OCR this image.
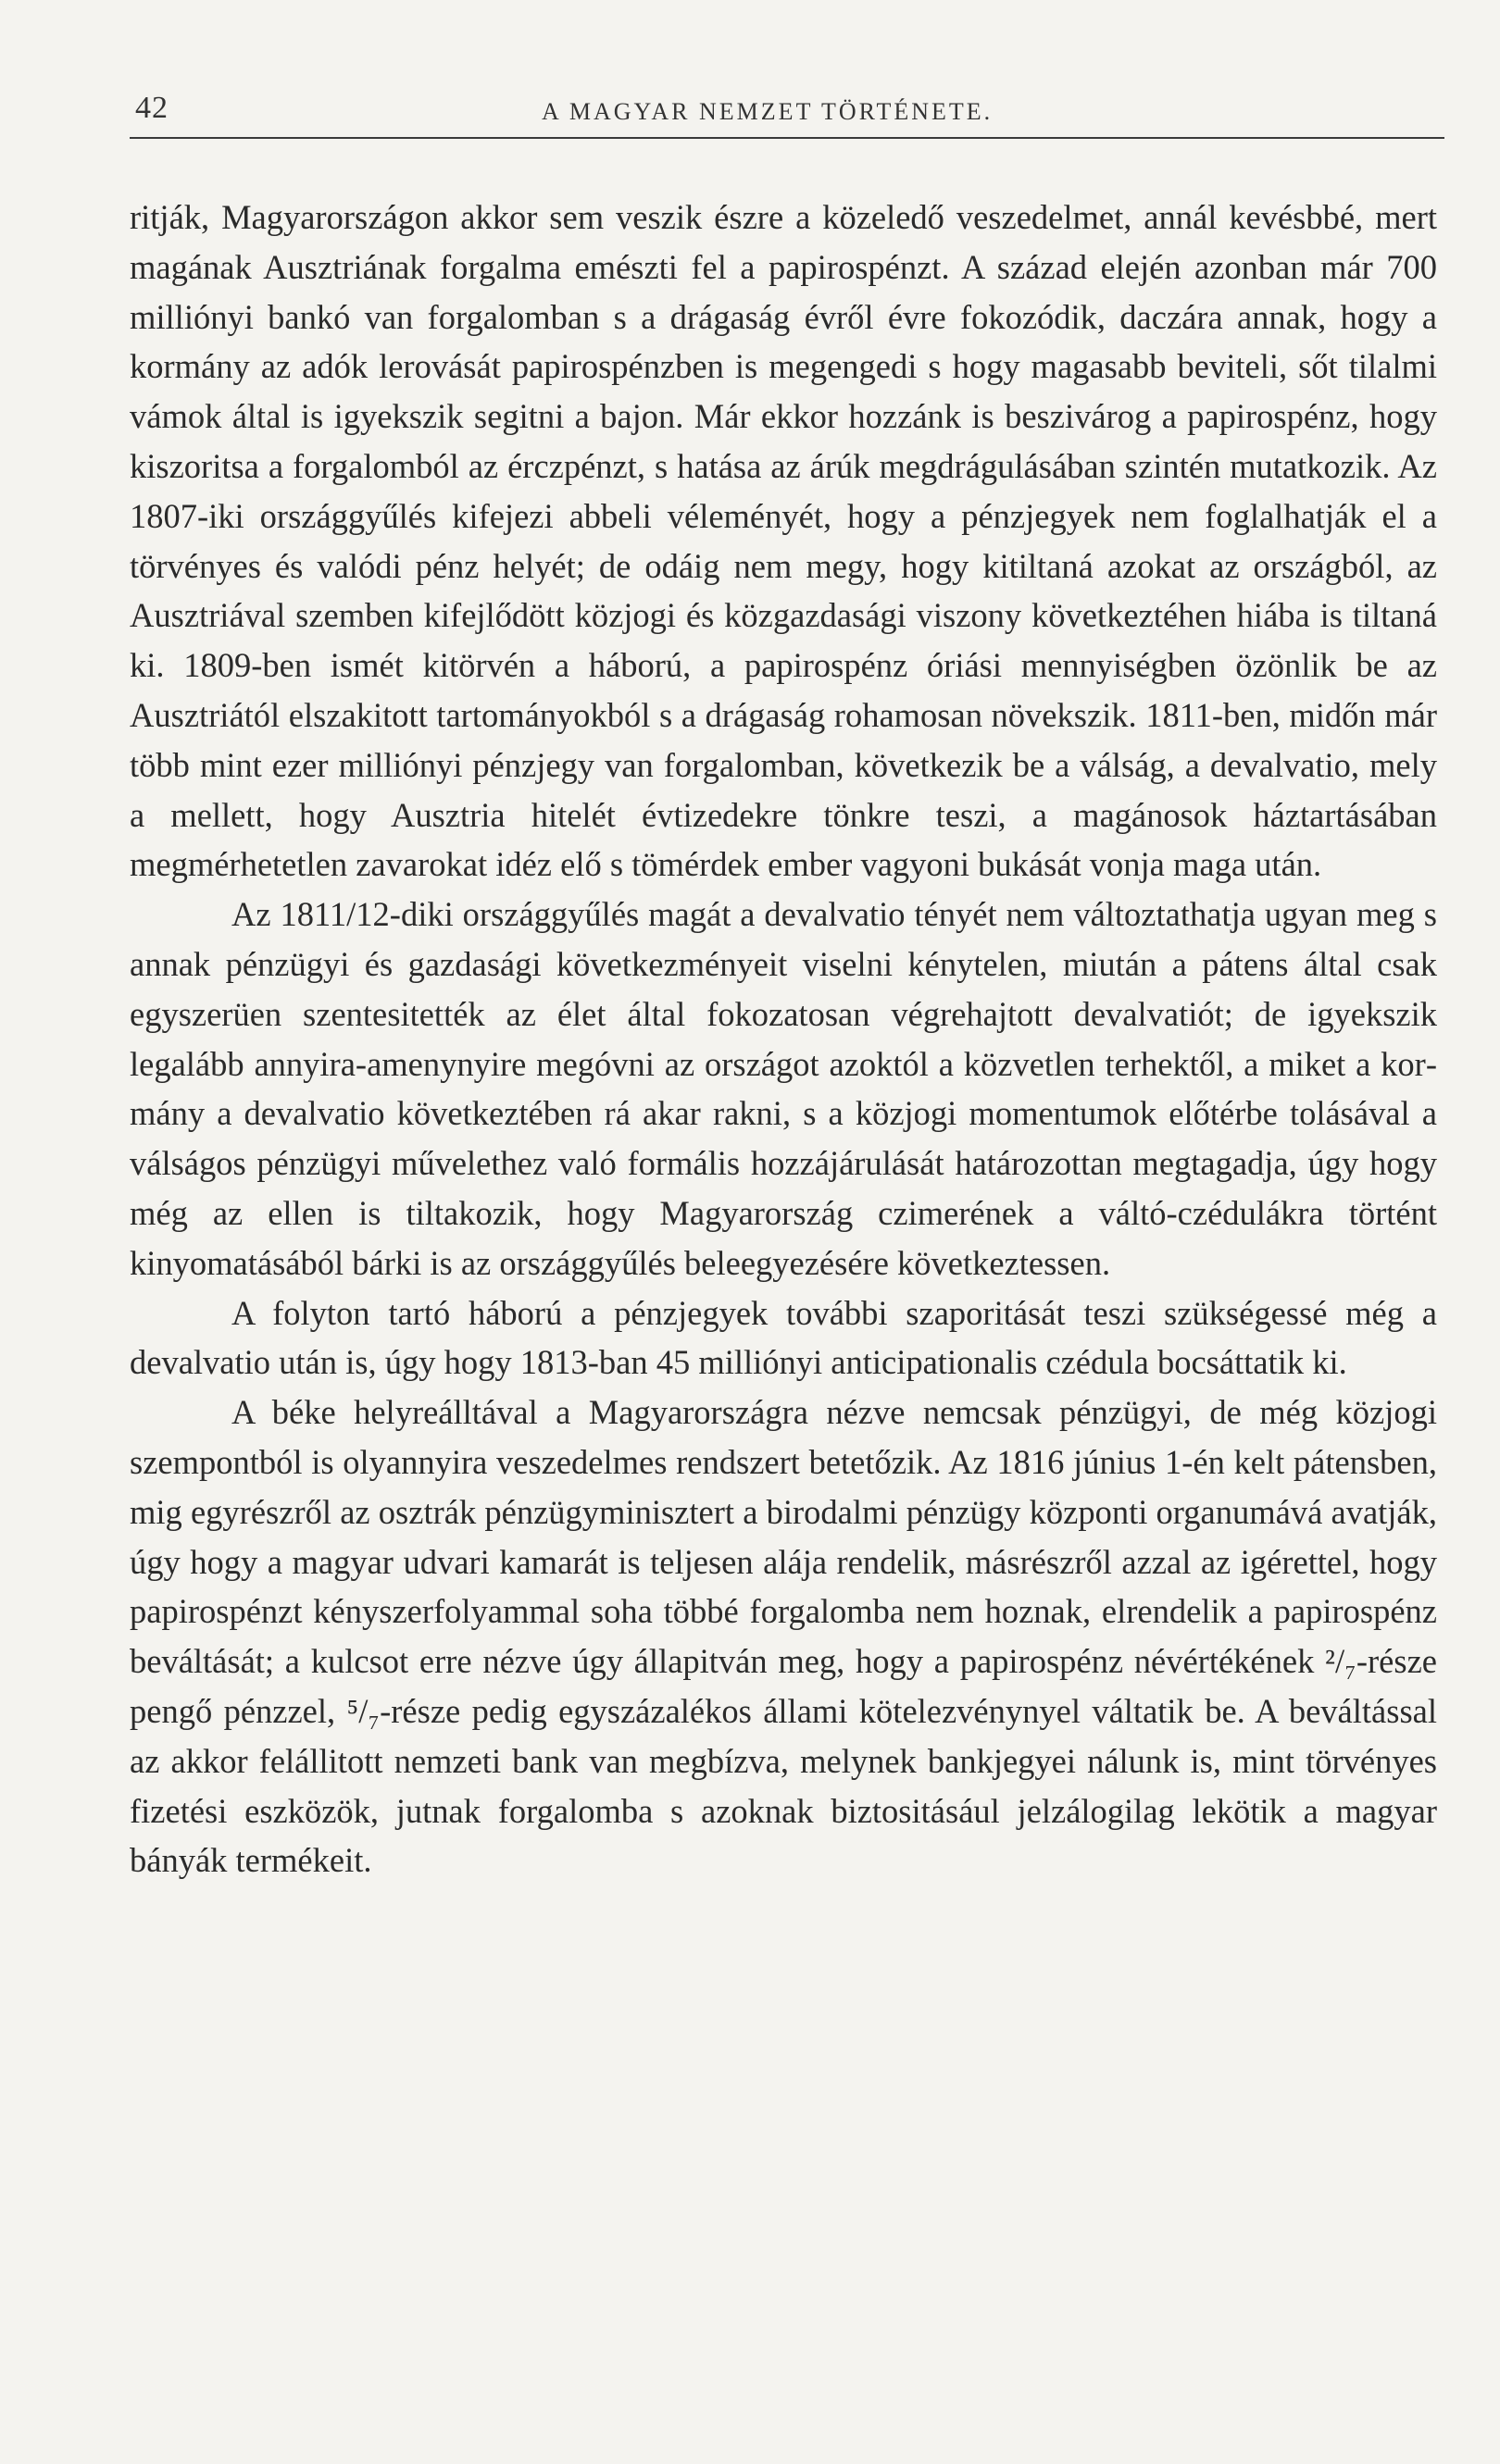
42	A MAGYAR NEMZET TÖRTÉNETE.

ritják, Magyarországon akkor sem veszik észre a közeledő veszedelmet, annál kevésbbé, mert magának Ausztriának forgalma emészti fel a papirospénzt. A század elején azonban már 700 milliónyi bankó van forgalomban s a drágaság évről évre fokozódik, daczára annak, hogy a kormány az adók lerovását papirospénzben is megengedi s hogy magasabb beviteli, sőt tilalmi vámok által is igyekszik segitni a bajon. Már ekkor hozzánk is beszivárog a papirospénz, hogy kiszoritsa a forgalomból az érczpénzt, s hatása az árúk megdrágulásában szintén mutatkozik. Az 1807-iki országgyűlés kifejezi abbeli véleményét, hogy a pénzjegyek nem foglalhatják el a törvényes és valódi pénz helyét; de odáig nem megy, hogy kitiltaná azokat az országból, az Ausztriával szemben kifejlődött közjogi és közgazdasági viszony következtéhen hiába is tiltaná ki. 1809-ben ismét kitörvén a háború, a papirospénz óriási mennyiségben özönlik be az Ausztriától elszakitott tartományokból s a drágaság rohamosan növekszik. 1811-ben, midőn már több mint ezer milliónyi pénzjegy van forgalomban, következik be a válság, a devalvatio, mely a mellett, hogy Ausztria hitelét évtizedekre tönkre teszi, a magánosok háztartásában megmérhetetlen zavarokat idéz elő s tömérdek ember vagyoni bukását vonja maga után.

Az 1811/12-diki országgyűlés magát a devalvatio tényét nem változtathatja ugyan meg s annak pénzügyi és gazdasági következményeit viselni kénytelen, miután a pátens által csak egyszerüen szentesitették az élet által fokozatosan végrehajtott devalvatiót; de igyekszik legalább annyira-amenynyire megóvni az országot azoktól a közvetlen terhektől, a miket a kormány a devalvatio következtében rá akar rakni, s a közjogi momentumok előtérbe tolásával a válságos pénzügyi művelethez való formális hozzájárulását határozottan megtagadja, úgy hogy még az ellen is tiltakozik, hogy Magyarország czimerének a váltó-czédulákra történt kinyomatásából bárki is az országgyűlés beleegyezésére következtessen.

A folyton tartó háború a pénzjegyek további szaporitását teszi szükségessé még a devalvatio után is, úgy hogy 1813-ban 45 milliónyi anticipationalis czédula bocsáttatik ki.

A béke helyreálltával a Magyarországra nézve nemcsak pénzügyi, de még közjogi szempontból is olyannyira veszedelmes rendszert betetőzik. Az 1816 június 1-én kelt pátensben, mig egyrészről az osztrák pénzügyminisztert a birodalmi pénzügy központi organumává avatják, úgy hogy a magyar udvari kamarát is teljesen alája rendelik, másrészről azzal az igérettel, hogy papirospénzt kényszerfolyammal soha többé forgalomba nem hoznak, elrendelik a papirospénz beváltását; a kulcsot erre nézve úgy állapitván meg, hogy a papirospénz névértékének ²/₇-része pengő pénzzel, ⁵/₇-része pedig egyszázalékos állami kötelezvénynyel váltatik be. A beváltással az akkor felállitott nemzeti bank van megbízva, melynek bankjegyei nálunk is, mint törvényes fizetési eszközök, jutnak forgalomba s azoknak biztositásául jelzálogilag lekötik a magyar bányák termékeit.
